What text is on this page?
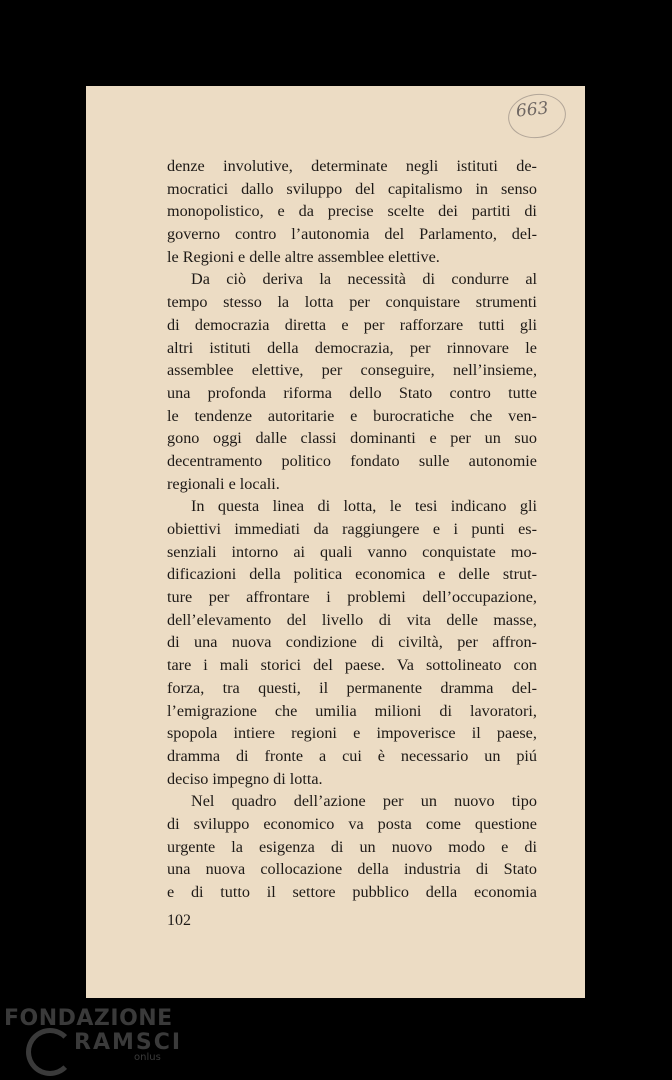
663
denze involutive, determinate negli istituti de-
mocratici dallo sviluppo del capitalismo in senso
monopolistico, e da precise scelte dei partiti di
governo contro l’autonomia del Parlamento, del-
le Regioni e delle altre assemblee elettive.
Da ciò deriva la necessità di condurre al
tempo stesso la lotta per conquistare strumenti
di democrazia diretta e per rafforzare tutti gli
altri istituti della democrazia, per rinnovare le
assemblee elettive, per conseguire, nell’insieme,
una profonda riforma dello Stato contro tutte
le tendenze autoritarie e burocratiche che ven-
gono oggi dalle classi dominanti e per un suo
decentramento politico fondato sulle autonomie
regionali e locali.
In questa linea di lotta, le tesi indicano gli
obiettivi immediati da raggiungere e i punti es-
senziali intorno ai quali vanno conquistate mo-
dificazioni della politica economica e delle strut-
ture per affrontare i problemi dell’occupazione,
dell’elevamento del livello di vita delle masse,
di una nuova condizione di civiltà, per affron-
tare i mali storici del paese. Va sottolineato con
forza, tra questi, il permanente dramma del-
l’emigrazione che umilia milioni di lavoratori,
spopola intiere regioni e impoverisce il paese,
dramma di fronte a cui è necessario un piú
deciso impegno di lotta.
Nel quadro dell’azione per un nuovo tipo
di sviluppo economico va posta come questione
urgente la esigenza di un nuovo modo e di
una nuova collocazione della industria di Stato
e di tutto il settore pubblico della economia
102
FONDAZIONE
RAMSCI
onlus
